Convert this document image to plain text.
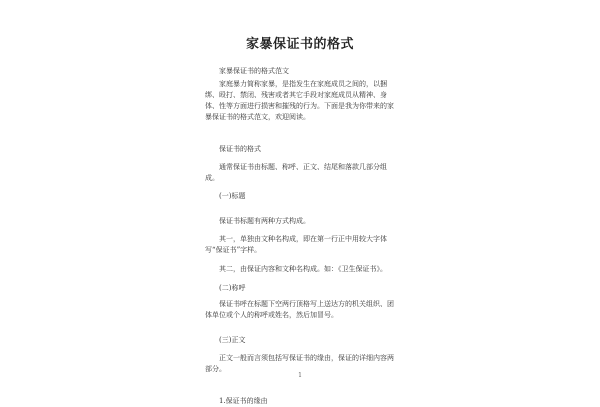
家暴保证书的格式

家暴保证书的格式范文

家庭暴力简称家暴，是指发生在家庭成员之间的，以捆绑、殴打、禁闭、残害或者其它手段对家庭成员从精神、身体、性等方面进行损害和摧残的行为。下面是我为你带来的家暴保证书的格式范文，欢迎阅读。

保证书的格式

通常保证书由标题、称呼、正文、结尾和落款几部分组成。

(一)标题

保证书标题有两种方式构成。

其一，单独由文种名构成，即在第一行正中用较大字体写“保证书”字样。

其二，由保证内容和文种名构成。如：《卫生保证书》。

(二)称呼

保证书呼在标题下空两行顶格写上送达方的机关组织、团体单位或个人的称呼或姓名，然后加冒号。

(三)正文

正文一般而言须包括写保证书的缘由，保证的详细内容两部分。

1.保证书的缘由

1
